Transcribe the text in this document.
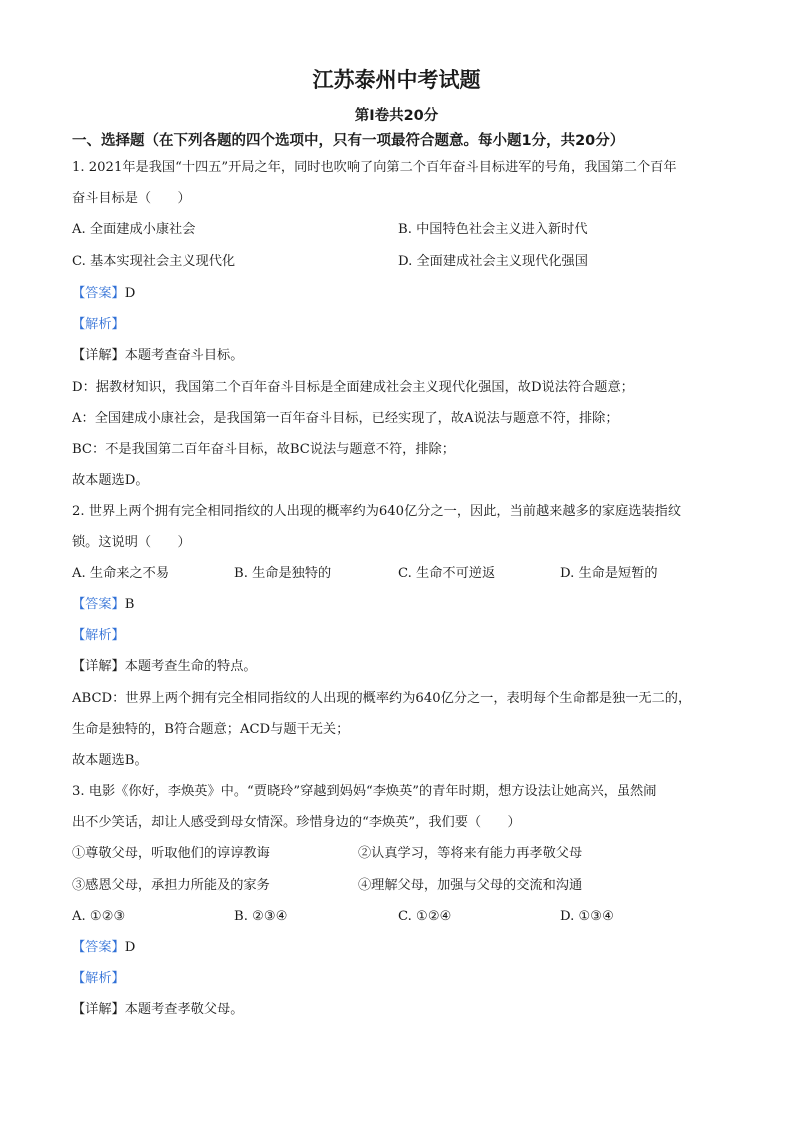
江苏泰州中考试题
第Ⅰ卷共20分
一、选择题（在下列各题的四个选项中，只有一项最符合题意。每小题1分，共20分）
1. 2021年是我国“十四五”开局之年，同时也吹响了向第二个百年奋斗目标进军的号角，我国第二个百年
奋斗目标是（　　）
A. 全面建成小康社会	B. 中国特色社会主义进入新时代
C. 基本实现社会主义现代化	D. 全面建成社会主义现代化强国
【答案】D
【解析】
【详解】本题考查奋斗目标。
D：据教材知识，我国第二个百年奋斗目标是全面建成社会主义现代化强国，故D说法符合题意；
A：全国建成小康社会，是我国第一百年奋斗目标，已经实现了，故A说法与题意不符，排除；
BC：不是我国第二百年奋斗目标，故BC说法与题意不符，排除；
故本题选D。
2. 世界上两个拥有完全相同指纹的人出现的概率约为640亿分之一，因此，当前越来越多的家庭选装指纹
锁。这说明（　　）
A. 生命来之不易	B. 生命是独特的	C. 生命不可逆返	D. 生命是短暂的
【答案】B
【解析】
【详解】本题考查生命的特点。
ABCD：世界上两个拥有完全相同指纹的人出现的概率约为640亿分之一，表明每个生命都是独一无二的，
生命是独特的，B符合题意；ACD与题干无关；
故本题选B。
3. 电影《你好，李焕英》中。“贾晓玲”穿越到妈妈“李焕英”的青年时期，想方设法让她高兴，虽然闹
出不少笑话，却让人感受到母女情深。珍惜身边的“李焕英”，我们要（　　）
①尊敬父母，听取他们的谆谆教诲	②认真学习，等将来有能力再孝敬父母
③感恩父母，承担力所能及的家务	④理解父母，加强与父母的交流和沟通
A. ①②③	B. ②③④	C. ①②④	D. ①③④
【答案】D
【解析】
【详解】本题考查孝敬父母。
